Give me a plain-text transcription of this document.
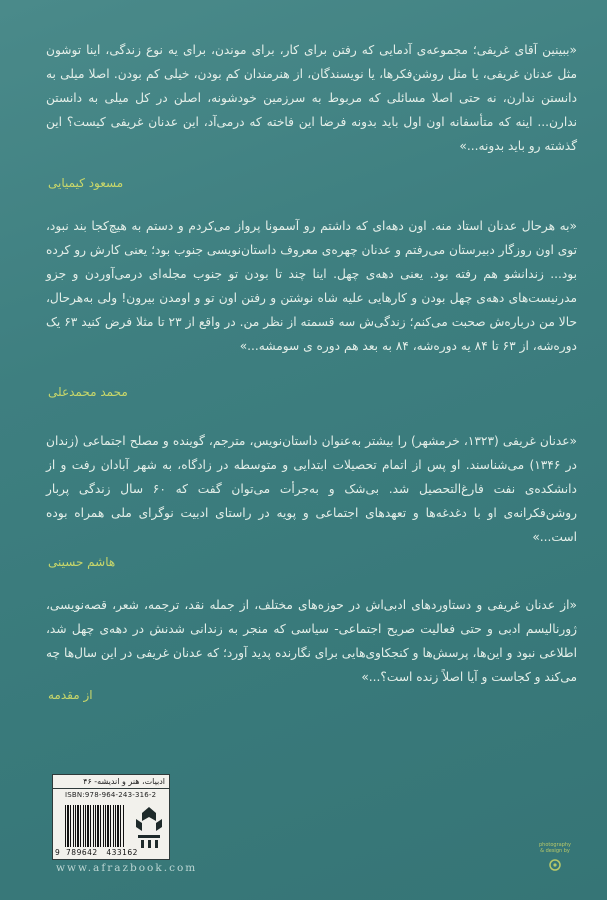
«ببینین آقای غریفی؛ مجموعه‌ی آدمایی که رفتن برای کار، برای موندن، برای یه نوع زندگی، اینا توشون مثل عدنان غریفی، یا مثل روشن‌فکرها، یا نویسندگان، از هنرمندان کم بودن، خیلی کم بودن. اصلا میلی به دانستن ندارن، نه حتی اصلا مسائلی که مربوط به سرزمین خودشونه، اصلن در کل میلی به دانستن ندارن... اینه که متأسفانه اون اول باید بدونه فرضا این فاخته که درمی‌آد، این عدنان غریفی کیست؟ این گذشته رو باید بدونه...»

مسعود کیمیایی

«به هرحال عدنان استاد منه. اون دهه‌ای که داشتم رو آسمونا پرواز می‌کردم و دستم به هیچ‌کجا بند نبود، توی اون روزگار دبیرستان می‌رفتم و عدنان چهره‌ی معروف داستان‌نویسی جنوب بود؛ یعنی کارش رو کرده بود... زندانشو هم رفته بود. یعنی دهه‌ی چهل. اینا چند تا بودن تو جنوب مجله‌ای درمی‌آوردن و جزو مدرنیست‌های دهه‌ی چهل بودن و کارهایی علیه شاه نوشتن و رفتن اون تو و اومدن بیرون! ولی به‌هرحال، حالا من درباره‌ش صحبت می‌کنم؛ زندگی‌ش سه قسمته از نظر من. در واقع از ۲۳ تا مثلا فرض کنید ۶۳ یک دوره‌شه، از ۶۳ تا ۸۴ یه دوره‌شه، ۸۴ به بعد هم دوره ی سومشه...»

محمد محمدعلی

«عدنان غریفی (۱۳۲۳، خرمشهر) را بیشتر به‌عنوان داستان‌نویس، مترجم، گوینده و مصلح اجتماعی (زندان در ۱۳۴۶) می‌شناسند. او پس از اتمام تحصیلات ابتدایی و متوسطه در زادگاه، به شهر آبادان رفت و از دانشکده‌ی نفت فارغ‌التحصیل شد. بی‌شک و به‌جرأت می‌توان گفت که ۶۰ سال زندگی پربار روشن‌فکرانه‌ی او با دغدغه‌ها و تعهدهای اجتماعی و پویه در راستای ادبیت نوگرای ملی همراه بوده است...»

هاشم حسینی

«از عدنان غریفی و دستاوردهای ادبی‌اش در حوزه‌های مختلف، از جمله نقد، ترجمه، شعر، قصه‌نویسی، ژورنالیسم ادبی و حتی فعالیت صریح اجتماعی- سیاسی که منجر به زندانی شدنش در دهه‌ی چهل شد، اطلاعی نبود و این‌ها، پرسش‌ها و کنجکاوی‌هایی برای نگارنده پدید آورد؛ که عدنان غریفی در این سال‌ها چه می‌کند و کجاست و آیا اصلاً زنده است؟...»

از مقدمه
ادبیات، هنر و اندیشه- ۴۶
ISBN:978-964-243-316-2
9  789642   433162
www.afrazbook.com
photography
& design by
